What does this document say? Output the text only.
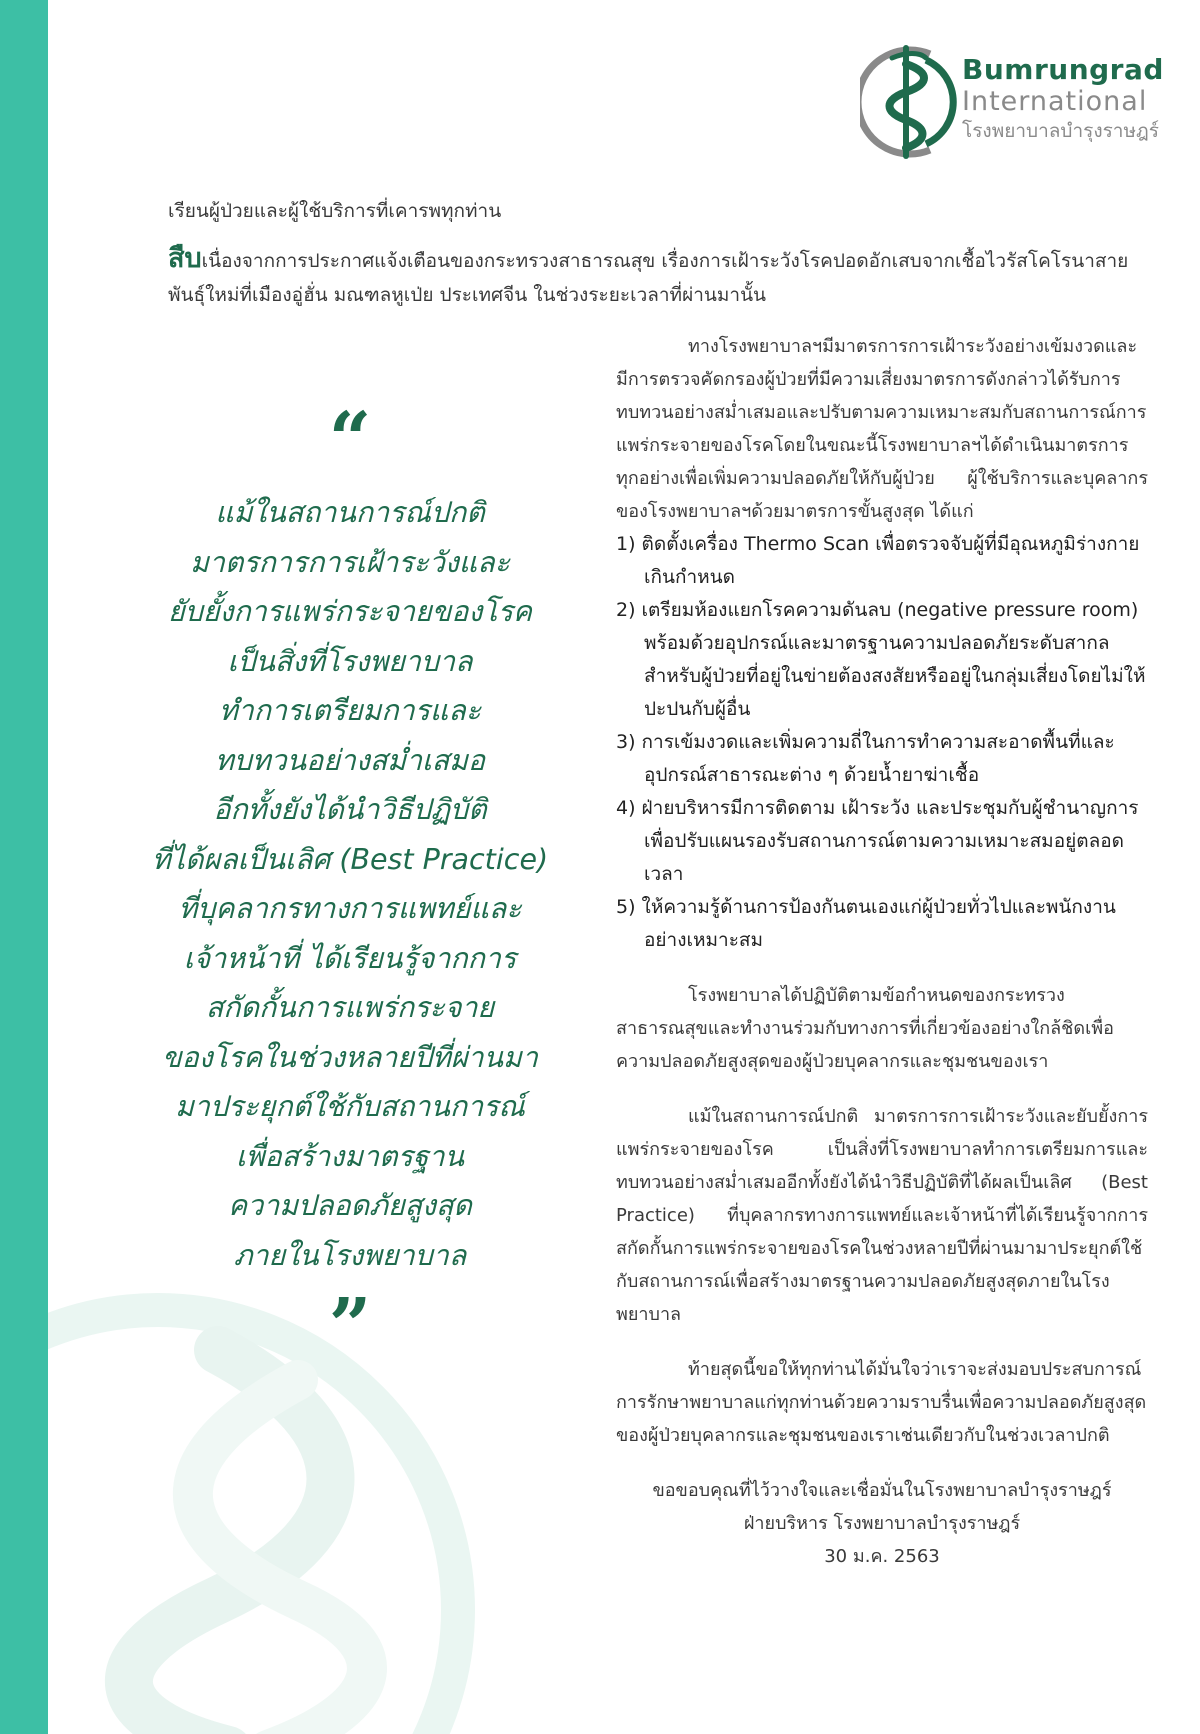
Bumrungrad
International
โรงพยาบาลบำรุงราษฎร์
เรียนผู้ป่วยและผู้ใช้บริการที่เคารพทุกท่าน
สืบเนื่องจากการประกาศแจ้งเตือนของกระทรวงสาธารณสุข เรื่องการเฝ้าระวังโรคปอดอักเสบจากเชื้อไวรัสโคโรนาสายพันธุ์ใหม่ที่เมืองอู่ฮั่น มณฑลหูเป่ย ประเทศจีน ในช่วงระยะเวลาที่ผ่านมานั้น
“
แม้ในสถานการณ์ปกติ
มาตรการการเฝ้าระวังและ
ยับยั้งการแพร่กระจายของโรค
เป็นสิ่งที่โรงพยาบาล
ทำการเตรียมการและ
ทบทวนอย่างสม่ำเสมอ
อีกทั้งยังได้นำวิธีปฏิบัติ
ที่ได้ผลเป็นเลิศ (Best Practice)
ที่บุคลากรทางการแพทย์และ
เจ้าหน้าที่ ได้เรียนรู้จากการ
สกัดกั้นการแพร่กระจาย
ของโรคในช่วงหลายปีที่ผ่านมา
มาประยุกต์ใช้กับสถานการณ์
เพื่อสร้างมาตรฐาน
ความปลอดภัยสูงสุด
ภายในโรงพยาบาล
”

ทางโรงพยาบาลฯมีมาตรการการเฝ้าระวังอย่างเข้มงวดและมีการตรวจคัดกรองผู้ป่วยที่มีความเสี่ยงมาตรการดังกล่าวได้รับการทบทวนอย่างสม่ำเสมอและปรับตามความเหมาะสมกับสถานการณ์การแพร่กระจายของโรคโดยในขณะนี้โรงพยาบาลฯได้ดำเนินมาตรการทุกอย่างเพื่อเพิ่มความปลอดภัยให้กับผู้ป่วย ผู้ใช้บริการและบุคลากรของโรงพยาบาลฯด้วยมาตรการขั้นสูงสุด ได้แก่

1) ติดตั้งเครื่อง Thermo Scan เพื่อตรวจจับผู้ที่มีอุณหภูมิร่างกายเกินกำหนด
2) เตรียมห้องแยกโรคความดันลบ (negative pressure room) พร้อมด้วยอุปกรณ์และมาตรฐานความปลอดภัยระดับสากล สำหรับผู้ป่วยที่อยู่ในข่ายต้องสงสัยหรืออยู่ในกลุ่มเสี่ยงโดยไม่ให้ปะปนกับผู้อื่น
3) การเข้มงวดและเพิ่มความถี่ในการทำความสะอาดพื้นที่และอุปกรณ์สาธารณะต่าง ๆ ด้วยน้ำยาฆ่าเชื้อ
4) ฝ่ายบริหารมีการติดตาม เฝ้าระวัง และประชุมกับผู้ชำนาญการ เพื่อปรับแผนรองรับสถานการณ์ตามความเหมาะสมอยู่ตลอดเวลา
5) ให้ความรู้ด้านการป้องกันตนเองแก่ผู้ป่วยทั่วไปและพนักงานอย่างเหมาะสม

โรงพยาบาลได้ปฏิบัติตามข้อกำหนดของกระทรวงสาธารณสุขและทำงานร่วมกับทางการที่เกี่ยวข้องอย่างใกล้ชิดเพื่อความปลอดภัยสูงสุดของผู้ป่วยบุคลากรและชุมชนของเรา

แม้ในสถานการณ์ปกติ มาตรการการเฝ้าระวังและยับยั้งการแพร่กระจายของโรค เป็นสิ่งที่โรงพยาบาลทำการเตรียมการและทบทวนอย่างสม่ำเสมออีกทั้งยังได้นำวิธีปฏิบัติที่ได้ผลเป็นเลิศ (Best Practice) ที่บุคลากรทางการแพทย์และเจ้าหน้าที่ได้เรียนรู้จากการสกัดกั้นการแพร่กระจายของโรคในช่วงหลายปีที่ผ่านมามาประยุกต์ใช้กับสถานการณ์เพื่อสร้างมาตรฐานความปลอดภัยสูงสุดภายในโรงพยาบาล

ท้ายสุดนี้ขอให้ทุกท่านได้มั่นใจว่าเราจะส่งมอบประสบการณ์การรักษาพยาบาลแก่ทุกท่านด้วยความราบรื่นเพื่อความปลอดภัยสูงสุดของผู้ป่วยบุคลากรและชุมชนของเราเช่นเดียวกับในช่วงเวลาปกติ

ขอขอบคุณที่ไว้วางใจและเชื่อมั่นในโรงพยาบาลบำรุงราษฎร์
ฝ่ายบริหาร โรงพยาบาลบำรุงราษฎร์
30 ม.ค. 2563
